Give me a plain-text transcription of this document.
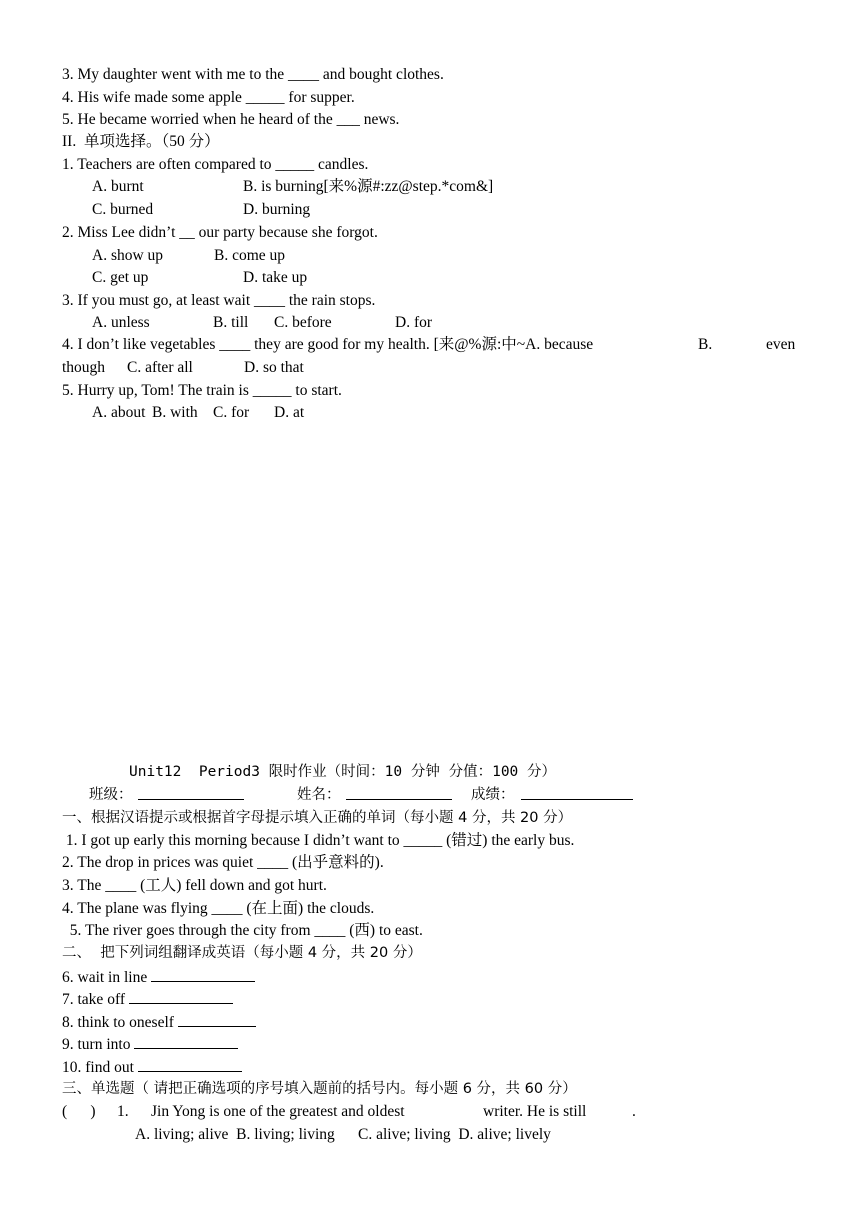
3. My daughter went with me to the ____ and bought clothes.
4. His wife made some apple _____ for supper.
5. He became worried when he heard of the ___ news.
II.  单项选择。（50 分）
1. Teachers are often compared to _____ candles.
A. burnt	B. is burning[来%源#:zz@step.*com&]
C. burned	D. burning
2. Miss Lee didn’t __ our party because she forgot.
A. show up	B. come up
C. get up	D. take up
3. If you must go, at least wait ____ the rain stops.
A. unless	B. till C. before	D. for
4. I don’t like vegetables ____ they are good for my health. [来@%源:中~A. because	B.	even
though C. after all	D. so that
5. Hurry up, Tom! The train is _____ to start.
A. about B. with C. for D. at
Unit12  Period3 限时作业（时间：10 分钟 分值：100 分）
班级：	姓名：	成绩：
一、根据汉语提示或根据首字母提示填入正确的单词（每小题 4 分，共 20 分）
1. I got up early this morning because I didn’t want to _____ (错过) the early bus.
2. The drop in prices was quiet ____ (出乎意料的).
3. The ____ (工人) fell down and got hurt.
4. The plane was flying ____ (在上面) the clouds.
5. The river goes through the city from ____ (西) to east.
二、  把下列词组翻译成英语（每小题 4 分，共 20 分）
6. wait in line
7. take off
8. think to oneself
9. turn into
10. find out
三、单选题（ 请把正确选项的序号填入题前的括号内。每小题 6 分，共 60 分）
(      ) 1. Jin Yong is one of the greatest and oldest	writer. He is still	.
A. living; alive  B. living; living      C. alive; living  D. alive; lively
